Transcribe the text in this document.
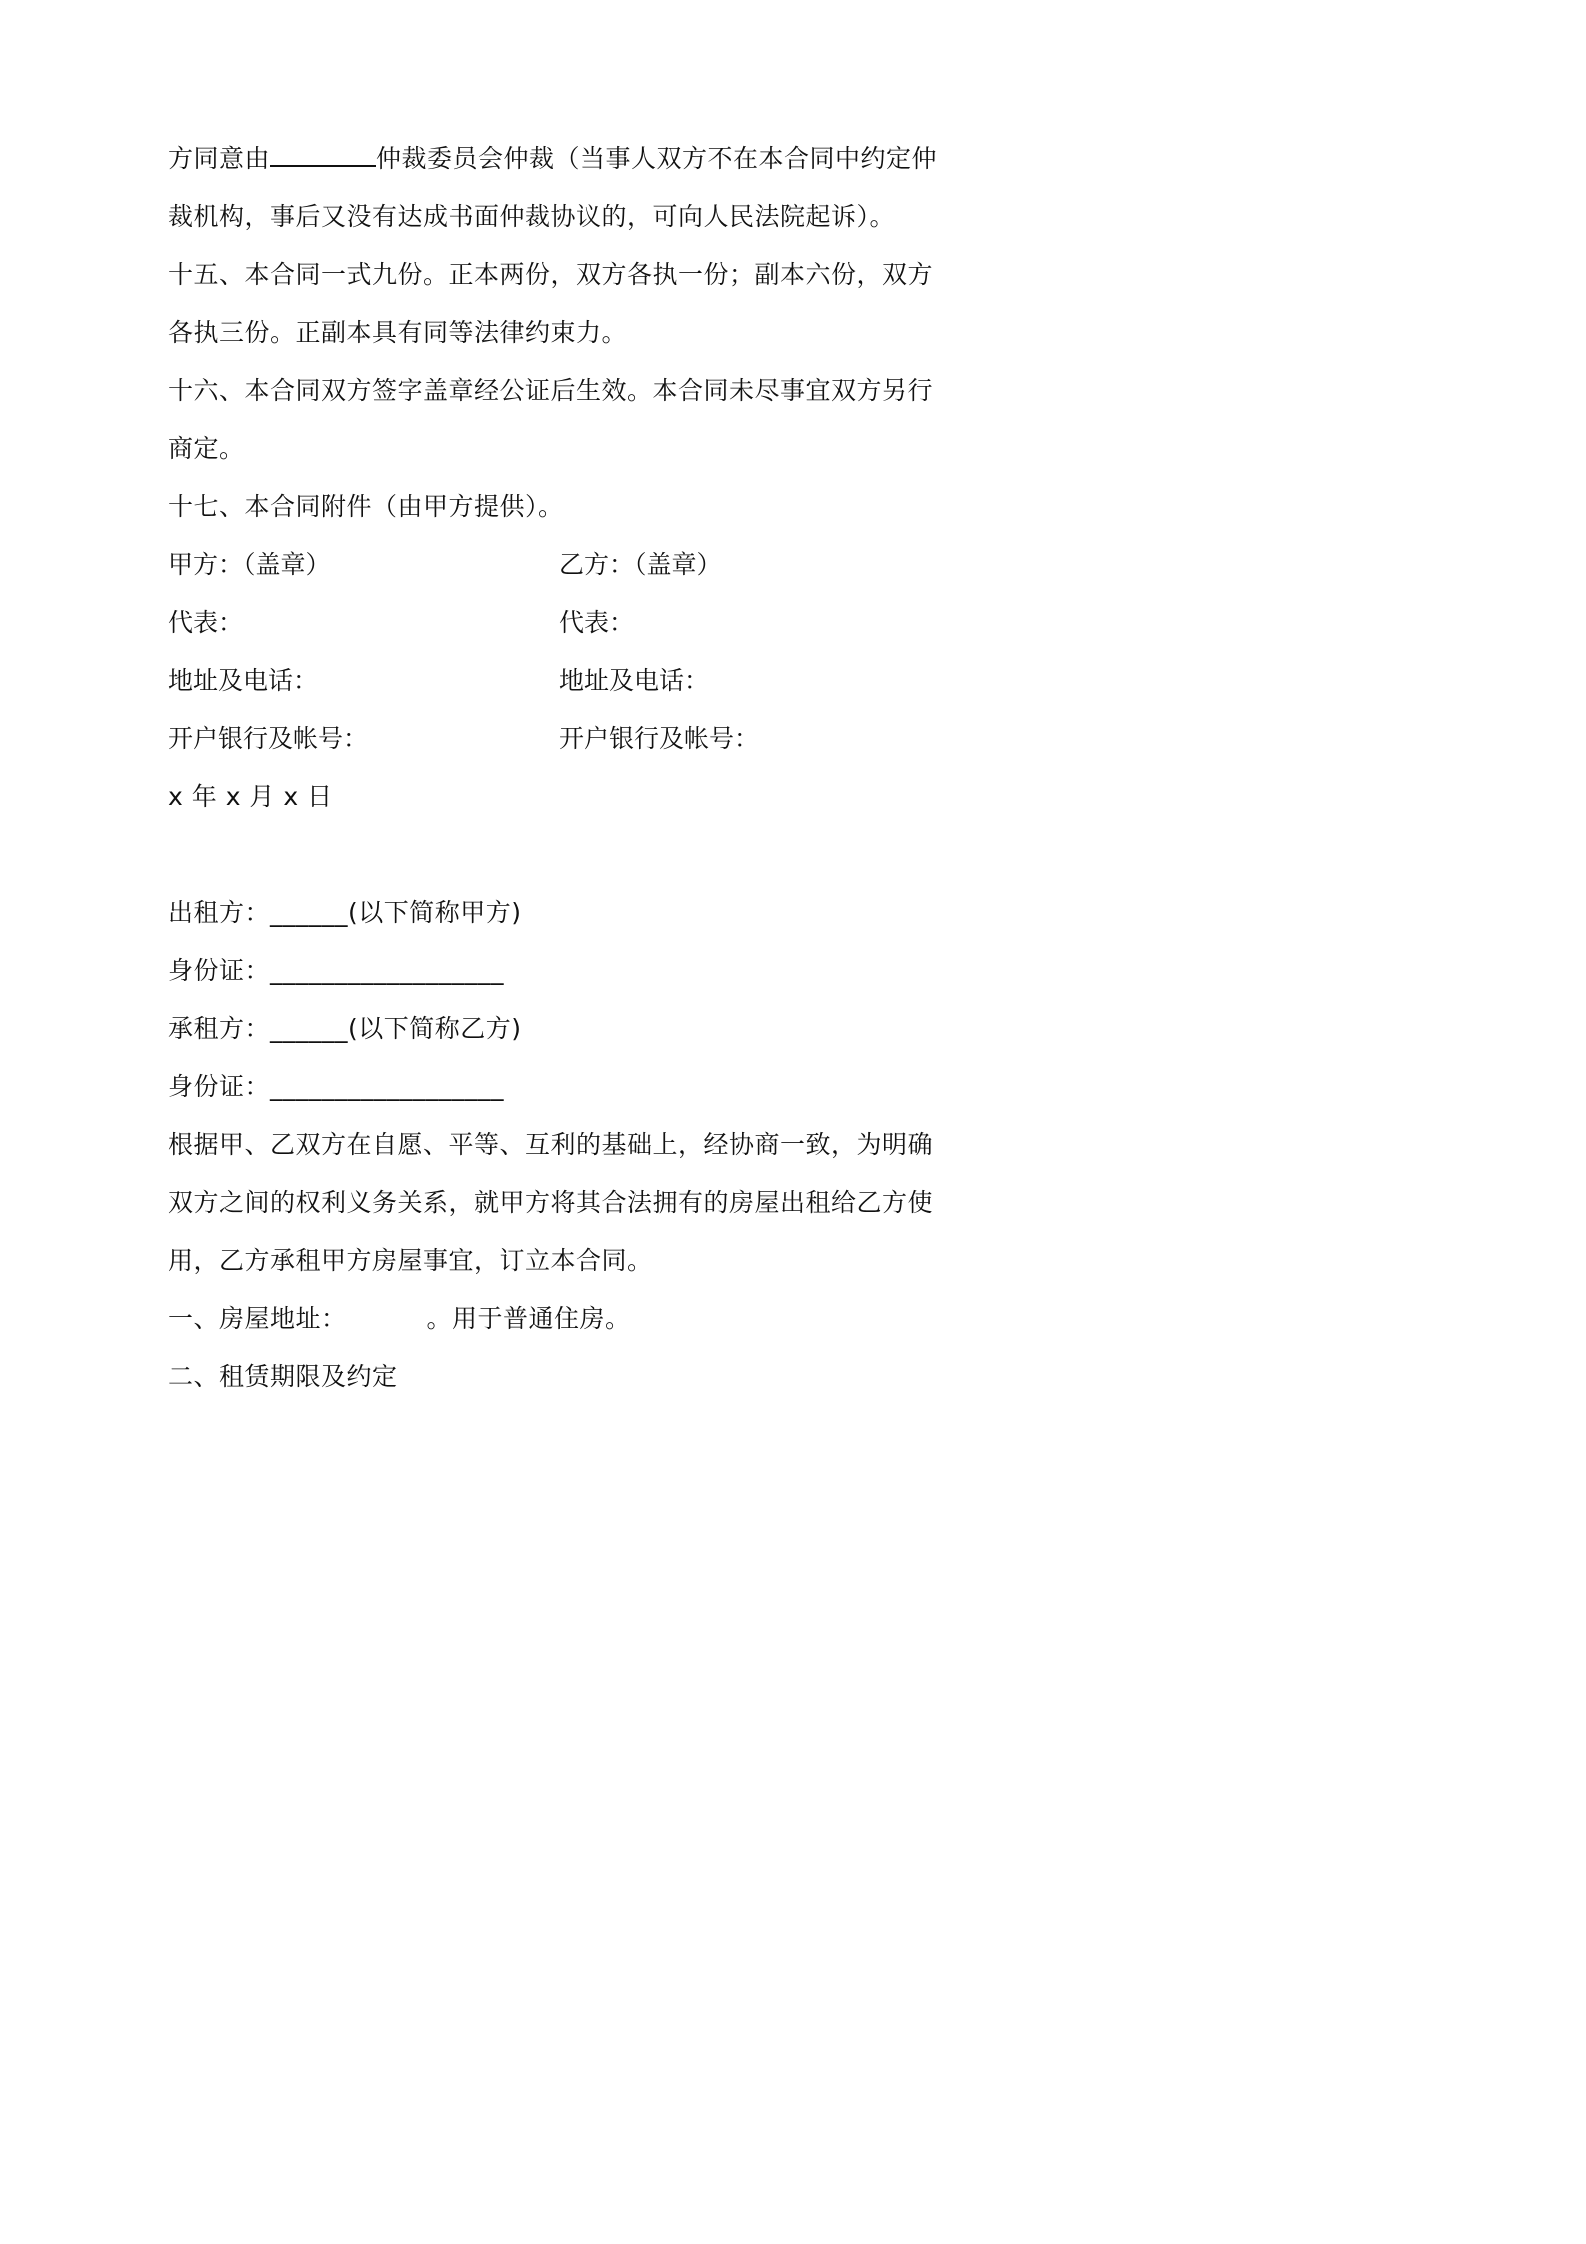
方同意由	仲裁委员会仲裁（当事人双方不在本合同中约定仲
裁机构，事后又没有达成书面仲裁协议的，可向人民法院起诉）。
十五、本合同一式九份。正本两份，双方各执一份；副本六份，双方
各执三份。正副本具有同等法律约束力。
十六、本合同双方签字盖章经公证后生效。本合同未尽事宜双方另行
商定。
十七、本合同附件（由甲方提供）。
甲方：（盖章）	乙方：（盖章）
代表：	代表：
地址及电话：	地址及电话：
开户银行及帐号：	开户银行及帐号：
x 年 x 月 x 日
出租方：______(以下简称甲方)
身份证：__________________
承租方：______(以下简称乙方)
身份证：__________________
根据甲、乙双方在自愿、平等、互利的基础上，经协商一致，为明确
双方之间的权利义务关系，就甲方将其合法拥有的房屋出租给乙方使
用，乙方承租甲方房屋事宜，订立本合同。
一、房屋地址：	。用于普通住房。
二、租赁期限及约定
